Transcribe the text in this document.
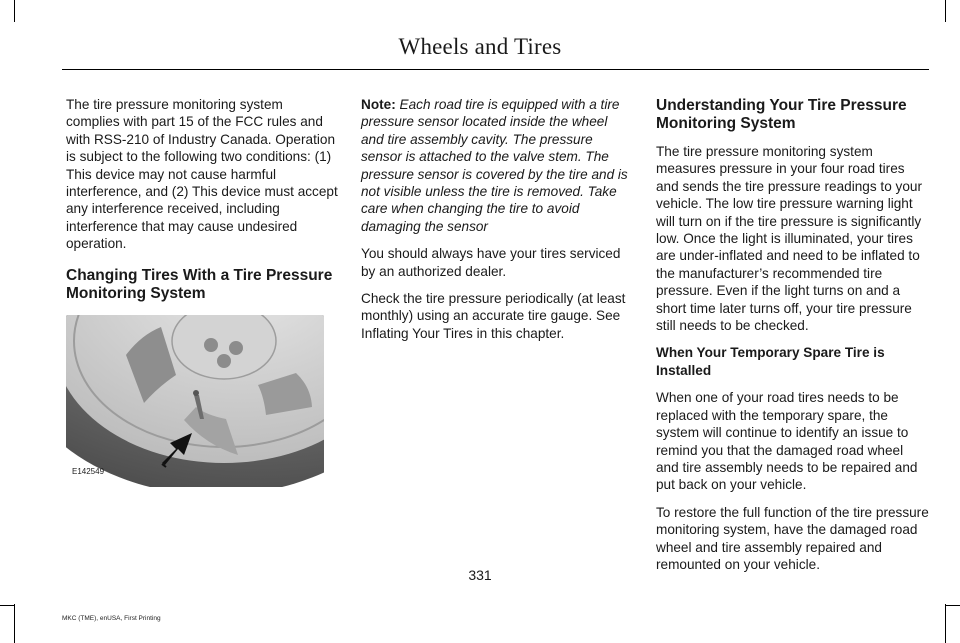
Wheels and Tires

The tire pressure monitoring system complies with part 15 of the FCC rules and with RSS-210 of Industry Canada. Operation is subject to the following two conditions: (1) This device may not cause harmful interference, and (2) This device must accept any interference received, including interference that may cause undesired operation.

Changing Tires With a Tire Pressure Monitoring System
E142549

Note: Each road tire is equipped with a tire pressure sensor located inside the wheel and tire assembly cavity. The pressure sensor is attached to the valve stem. The pressure sensor is covered by the tire and is not visible unless the tire is removed. Take care when changing the tire to avoid damaging the sensor

You should always have your tires serviced by an authorized dealer.

Check the tire pressure periodically (at least monthly) using an accurate tire gauge. See Inflating Your Tires in this chapter.

Understanding Your Tire Pressure Monitoring System

The tire pressure monitoring system measures pressure in your four road tires and sends the tire pressure readings to your vehicle. The low tire pressure warning light will turn on if the tire pressure is significantly low. Once the light is illuminated, your tires are under-inflated and need to be inflated to the manufacturer’s recommended tire pressure. Even if the light turns on and a short time later turns off, your tire pressure still needs to be checked.

When Your Temporary Spare Tire is Installed

When one of your road tires needs to be replaced with the temporary spare, the system will continue to identify an issue to remind you that the damaged road wheel and tire assembly needs to be repaired and put back on your vehicle.

To restore the full function of the tire pressure monitoring system, have the damaged road wheel and tire assembly repaired and remounted on your vehicle.

331
MKC (TME), enUSA, First Printing
